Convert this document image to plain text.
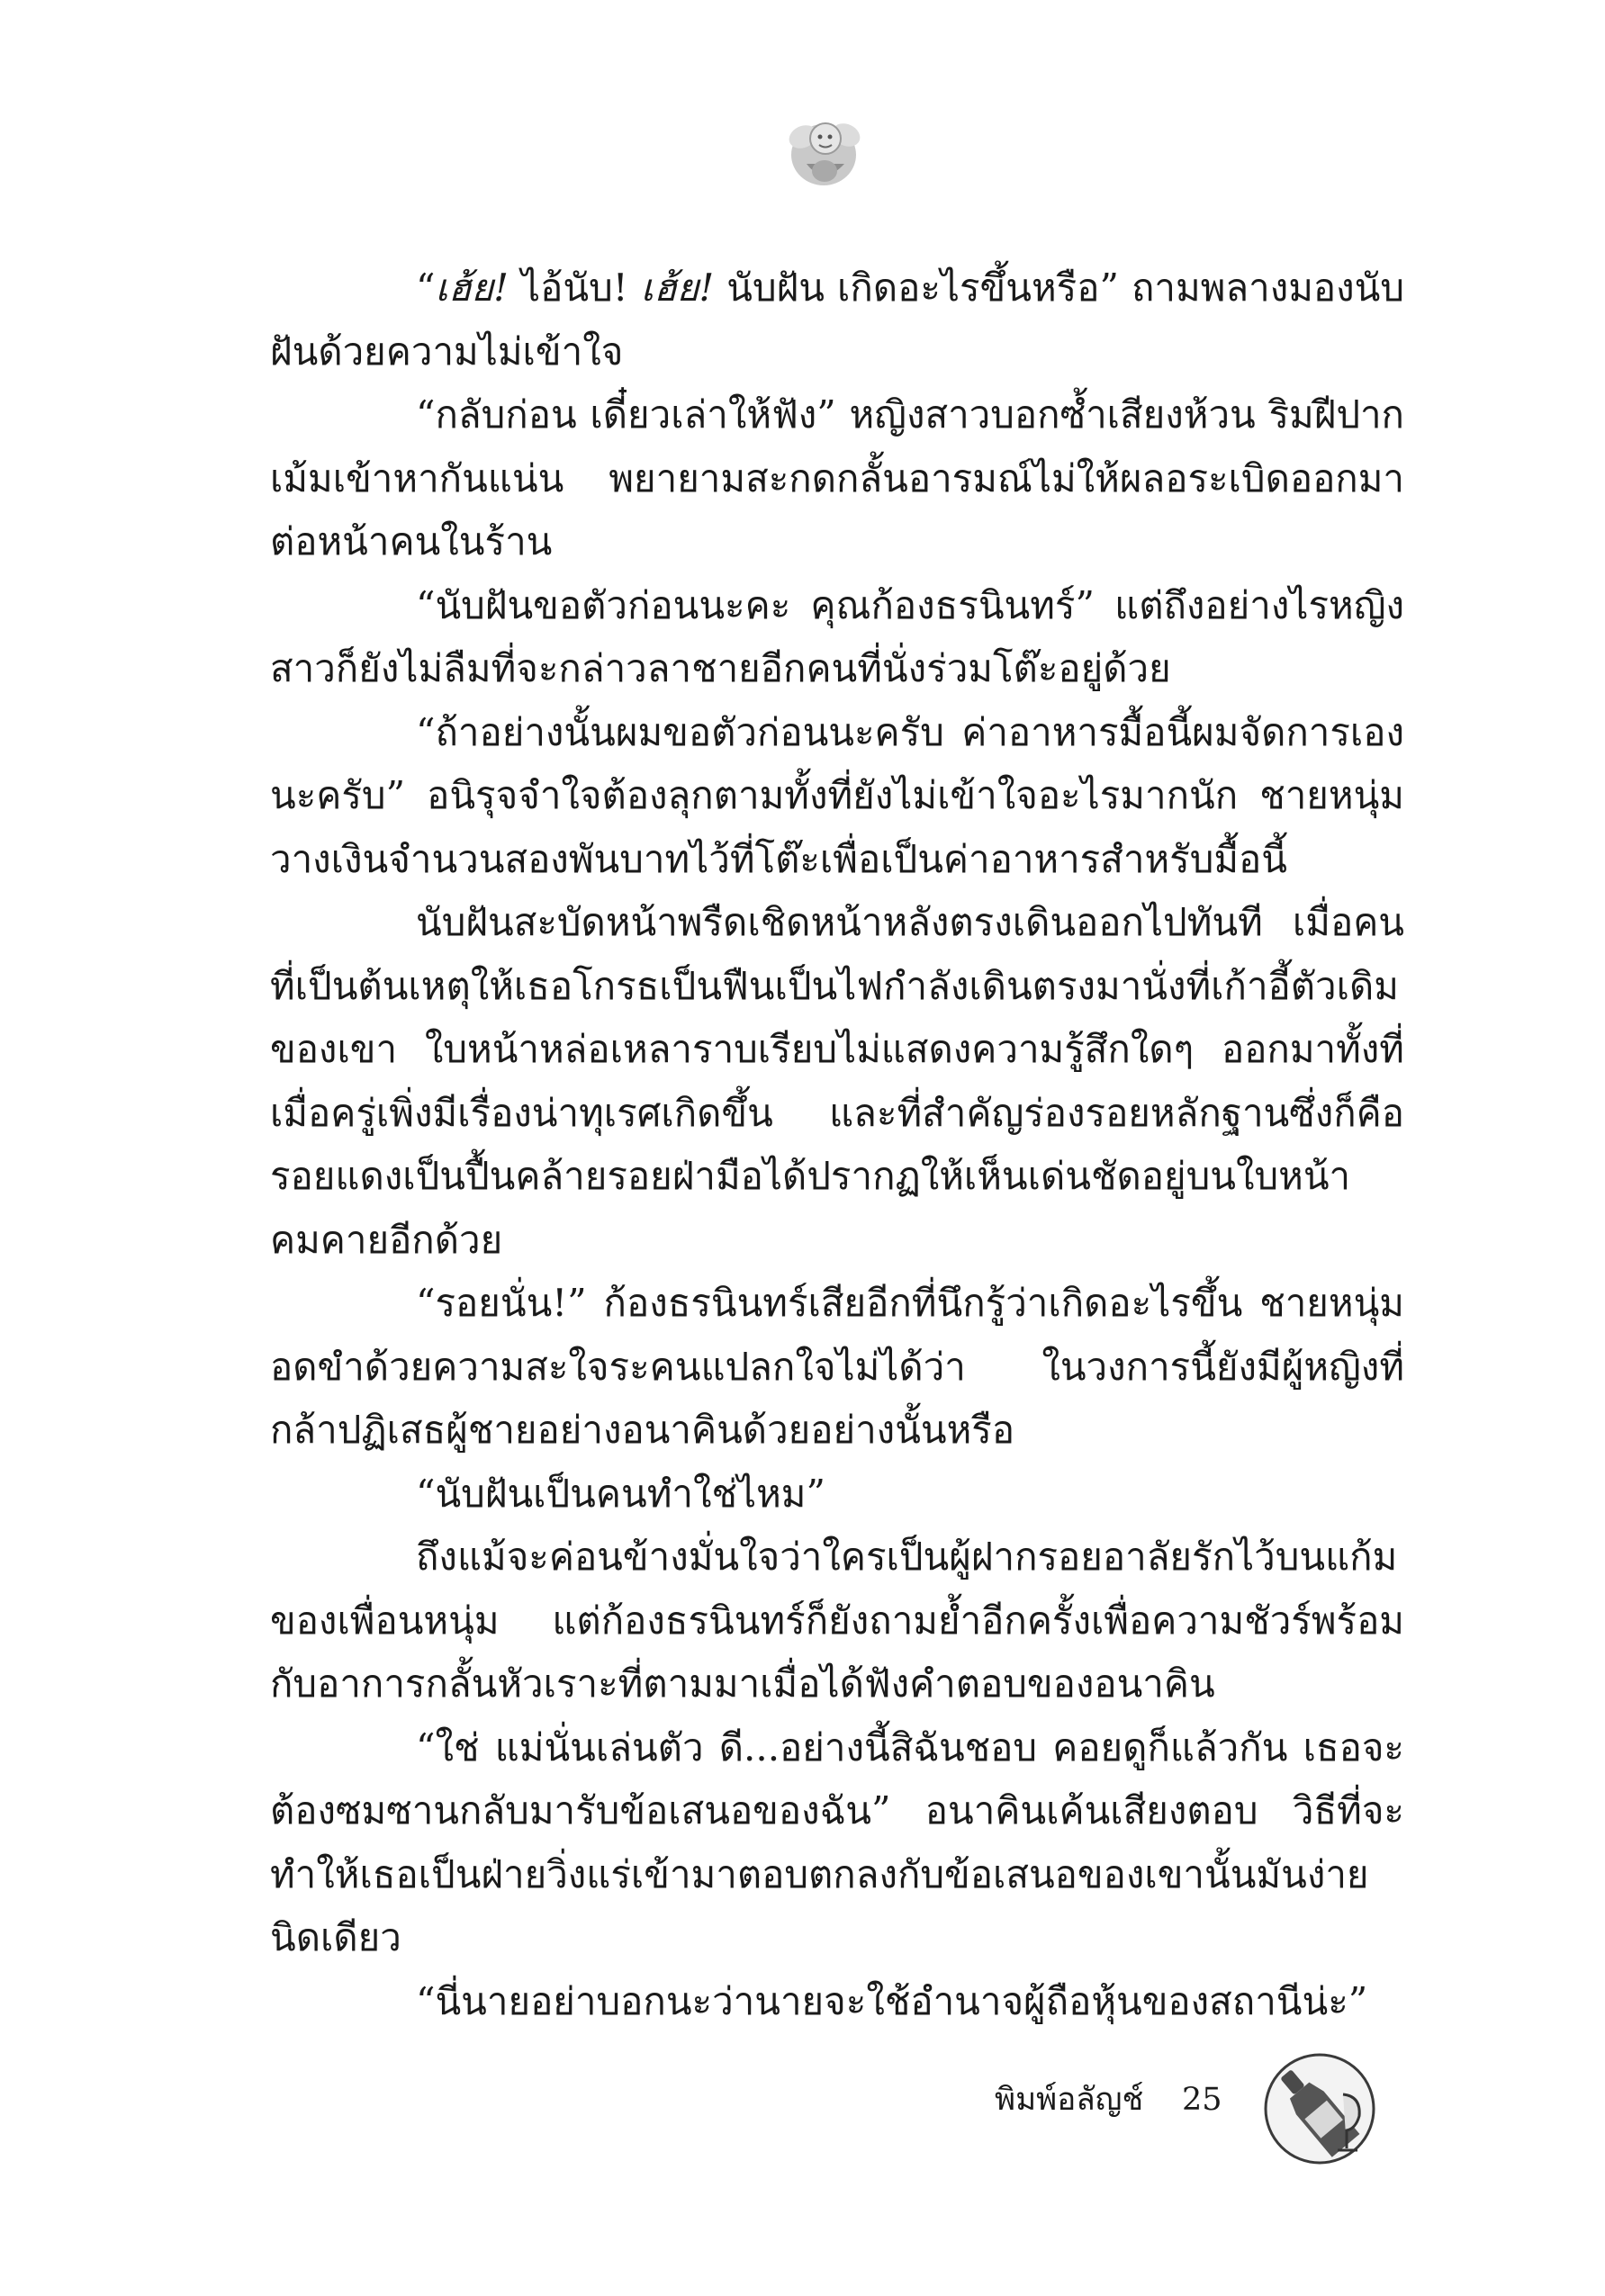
“เฮ้ย! ไอ้นับ! เฮ้ย! นับฝัน เกิดอะไรขึ้นหรือ” ถามพลางมองนับฝันด้วยความไม่เข้าใจ

“กลับก่อน เดี๋ยวเล่าให้ฟัง” หญิงสาวบอกซ้ำเสียงห้วน ริมฝีปากเม้มเข้าหากันแน่น พยายามสะกดกลั้นอารมณ์ไม่ให้ผลอระเบิดออกมาต่อหน้าคนในร้าน

“นับฝันขอตัวก่อนนะคะ คุณก้องธรนินทร์” แต่ถึงอย่างไรหญิงสาวก็ยังไม่ลืมที่จะกล่าวลาชายอีกคนที่นั่งร่วมโต๊ะอยู่ด้วย

“ถ้าอย่างนั้นผมขอตัวก่อนนะครับ ค่าอาหารมื้อนี้ผมจัดการเองนะครับ” อนิรุจจำใจต้องลุกตามทั้งที่ยังไม่เข้าใจอะไรมากนัก ชายหนุ่มวางเงินจำนวนสองพันบาทไว้ที่โต๊ะเพื่อเป็นค่าอาหารสำหรับมื้อนี้

นับฝันสะบัดหน้าพรืดเชิดหน้าหลังตรงเดินออกไปทันที เมื่อคนที่เป็นต้นเหตุให้เธอโกรธเป็นฟืนเป็นไฟกำลังเดินตรงมานั่งที่เก้าอี้ตัวเดิมของเขา ใบหน้าหล่อเหลาราบเรียบไม่แสดงความรู้สึกใดๆ ออกมาทั้งที่เมื่อครู่เพิ่งมีเรื่องน่าทุเรศเกิดขึ้น และที่สำคัญร่องรอยหลักฐานซึ่งก็คือรอยแดงเป็นปื้นคล้ายรอยฝ่ามือได้ปรากฏให้เห็นเด่นชัดอยู่บนใบหน้าคมคายอีกด้วย

“รอยนั่น!” ก้องธรนินทร์เสียอีกที่นึกรู้ว่าเกิดอะไรขึ้น ชายหนุ่มอดขำด้วยความสะใจระคนแปลกใจไม่ได้ว่า ในวงการนี้ยังมีผู้หญิงที่กล้าปฏิเสธผู้ชายอย่างอนาคินด้วยอย่างนั้นหรือ

“นับฝันเป็นคนทำใช่ไหม”

ถึงแม้จะค่อนข้างมั่นใจว่าใครเป็นผู้ฝากรอยอาลัยรักไว้บนแก้มของเพื่อนหนุ่ม แต่ก้องธรนินทร์ก็ยังถามย้ำอีกครั้งเพื่อความชัวร์พร้อมกับอาการกลั้นหัวเราะที่ตามมาเมื่อได้ฟังคำตอบของอนาคิน

“ใช่ แม่นั่นเล่นตัว ดี...อย่างนี้สิฉันชอบ คอยดูก็แล้วกัน เธอจะต้องซมซานกลับมารับข้อเสนอของฉัน” อนาคินเค้นเสียงตอบ วิธีที่จะทำให้เธอเป็นฝ่ายวิ่งแร่เข้ามาตอบตกลงกับข้อเสนอของเขานั้นมันง่ายนิดเดียว

“นี่นายอย่าบอกนะว่านายจะใช้อำนาจผู้ถือหุ้นของสถานีน่ะ”

พิมพ์อลัญช์ 25
